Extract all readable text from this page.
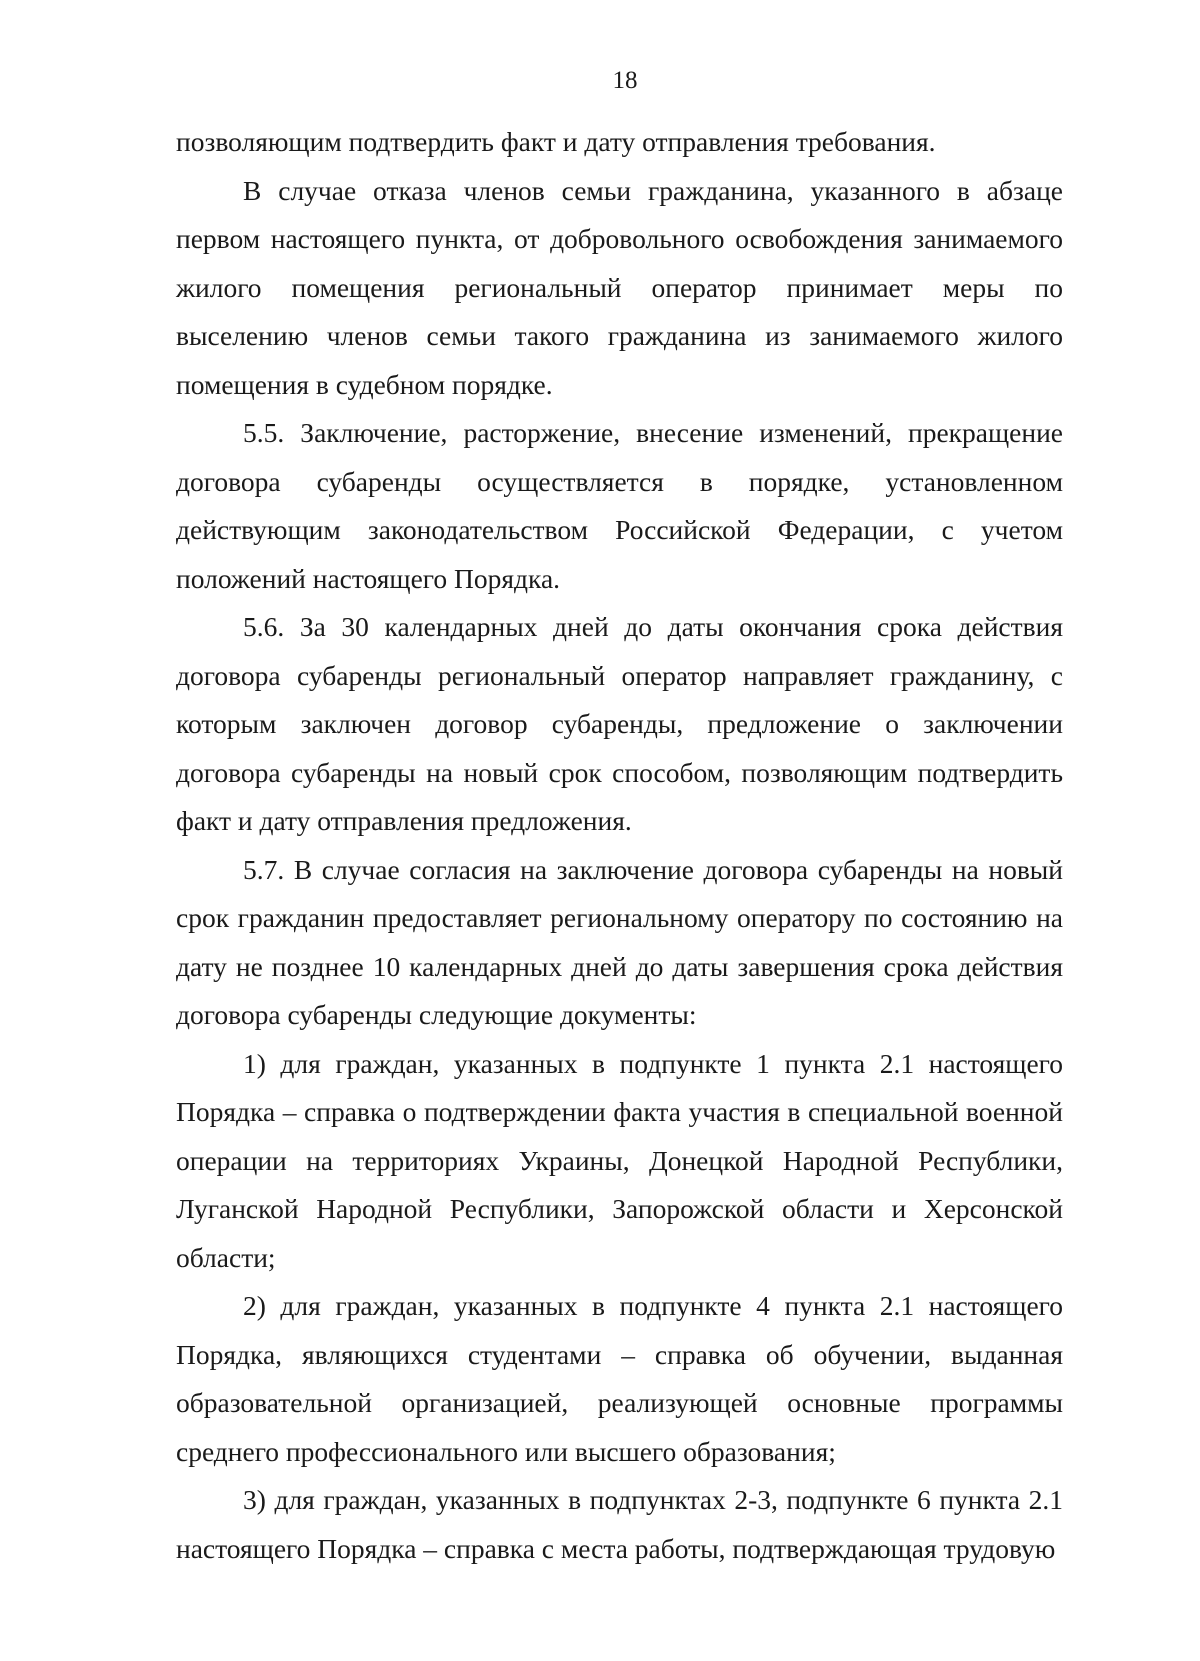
18

позволяющим подтвердить факт и дату отправления требования.

В случае отказа членов семьи гражданина, указанного в абзаце первом настоящего пункта, от добровольного освобождения занимаемого жилого помещения региональный оператор принимает меры по выселению членов семьи такого гражданина из занимаемого жилого помещения в судебном порядке.

5.5. Заключение, расторжение, внесение изменений, прекращение договора субаренды осуществляется в порядке, установленном действующим законодательством Российской Федерации, с учетом положений настоящего Порядка.

5.6. За 30 календарных дней до даты окончания срока действия договора субаренды региональный оператор направляет гражданину, с которым заключен договор субаренды, предложение о заключении договора субаренды на новый срок способом, позволяющим подтвердить факт и дату отправления предложения.

5.7. В случае согласия на заключение договора субаренды на новый срок гражданин предоставляет региональному оператору по состоянию на дату не позднее 10 календарных дней до даты завершения срока действия договора субаренды следующие документы:

1) для граждан, указанных в подпункте 1 пункта 2.1 настоящего Порядка – справка о подтверждении факта участия в специальной военной операции на территориях Украины, Донецкой Народной Республики, Луганской Народной Республики, Запорожской области и Херсонской области;

2) для граждан, указанных в подпункте 4 пункта 2.1 настоящего Порядка, являющихся студентами – справка об обучении, выданная образовательной организацией, реализующей основные программы среднего профессионального или высшего образования;

3) для граждан, указанных в подпунктах 2-3, подпункте 6 пункта 2.1 настоящего Порядка – справка с места работы, подтверждающая трудовую
